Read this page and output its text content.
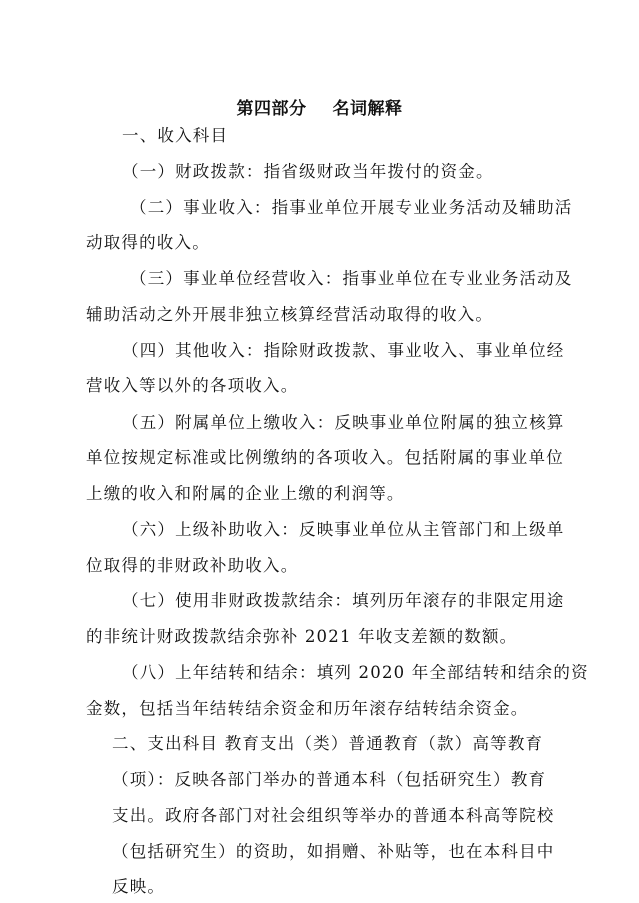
第四部分 名词解释
一、收入科目
（一）财政拨款：指省级财政当年拨付的资金。
（二）事业收入：指事业单位开展专业业务活动及辅助活
动取得的收入。
（三）事业单位经营收入：指事业单位在专业业务活动及
辅助活动之外开展非独立核算经营活动取得的收入。
（四）其他收入：指除财政拨款、事业收入、事业单位经
营收入等以外的各项收入。
（五）附属单位上缴收入：反映事业单位附属的独立核算
单位按规定标准或比例缴纳的各项收入。包括附属的事业单位
上缴的收入和附属的企业上缴的利润等。
（六）上级补助收入：反映事业单位从主管部门和上级单
位取得的非财政补助收入。
（七）使用非财政拨款结余：填列历年滚存的非限定用途
的非统计财政拨款结余弥补 2021 年收支差额的数额。
（八）上年结转和结余：填列 2020 年全部结转和结余的资
金数，包括当年结转结余资金和历年滚存结转结余资金。
二、支出科目 教育支出（类）普通教育（款）高等教育
（项）：反映各部门举办的普通本科（包括研究生）教育
支出。政府各部门对社会组织等举办的普通本科高等院校
（包括研究生）的资助，如捐赠、补贴等，也在本科目中
反映。
